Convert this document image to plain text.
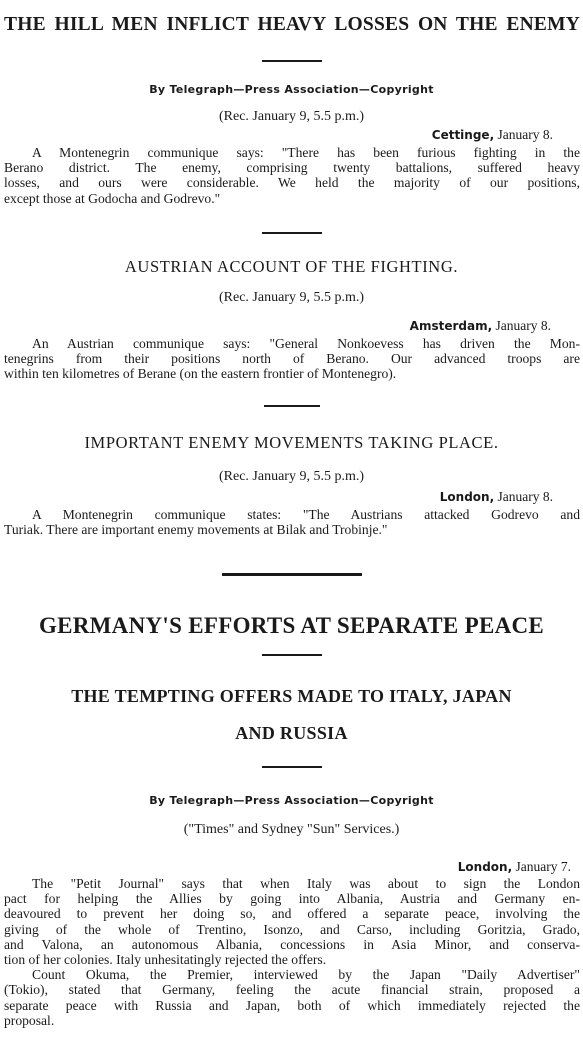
THE HILL MEN INFLICT HEAVY LOSSES ON THE ENEMY
By Telegraph—Press Association—Copyright
(Rec. January 9, 5.5 p.m.)
Cettinge, January 8.
A Montenegrin communique says: "There has been furious fighting in the
Berano district. The enemy, comprising twenty battalions, suffered heavy
losses, and ours were considerable. We held the majority of our positions,
except those at Godocha and Godrevo."
AUSTRIAN ACCOUNT OF THE FIGHTING.
(Rec. January 9, 5.5 p.m.)
Amsterdam, January 8.
An Austrian communique says: "General Nonkoevess has driven the Mon-
tenegrins from their positions north of Berano. Our advanced troops are
within ten kilometres of Berane (on the eastern frontier of Montenegro).
IMPORTANT ENEMY MOVEMENTS TAKING PLACE.
(Rec. January 9, 5.5 p.m.)
London, January 8.
A Montenegrin communique states: "The Austrians attacked Godrevo and
Turiak. There are important enemy movements at Bilak and Trobinje."
GERMANY'S EFFORTS AT SEPARATE PEACE
THE TEMPTING OFFERS MADE TO ITALY, JAPAN
AND RUSSIA
By Telegraph—Press Association—Copyright
("Times" and Sydney "Sun" Services.)
London, January 7.
The "Petit Journal" says that when Italy was about to sign the London
pact for helping the Allies by going into Albania, Austria and Germany en-
deavoured to prevent her doing so, and offered a separate peace, involving the
giving of the whole of Trentino, Isonzo, and Carso, including Goritzia, Grado,
and Valona, an autonomous Albania, concessions in Asia Minor, and conserva-
tion of her colonies. Italy unhesitatingly rejected the offers.
Count Okuma, the Premier, interviewed by the Japan "Daily Advertiser"
(Tokio), stated that Germany, feeling the acute financial strain, proposed a
separate peace with Russia and Japan, both of which immediately rejected the
proposal.
